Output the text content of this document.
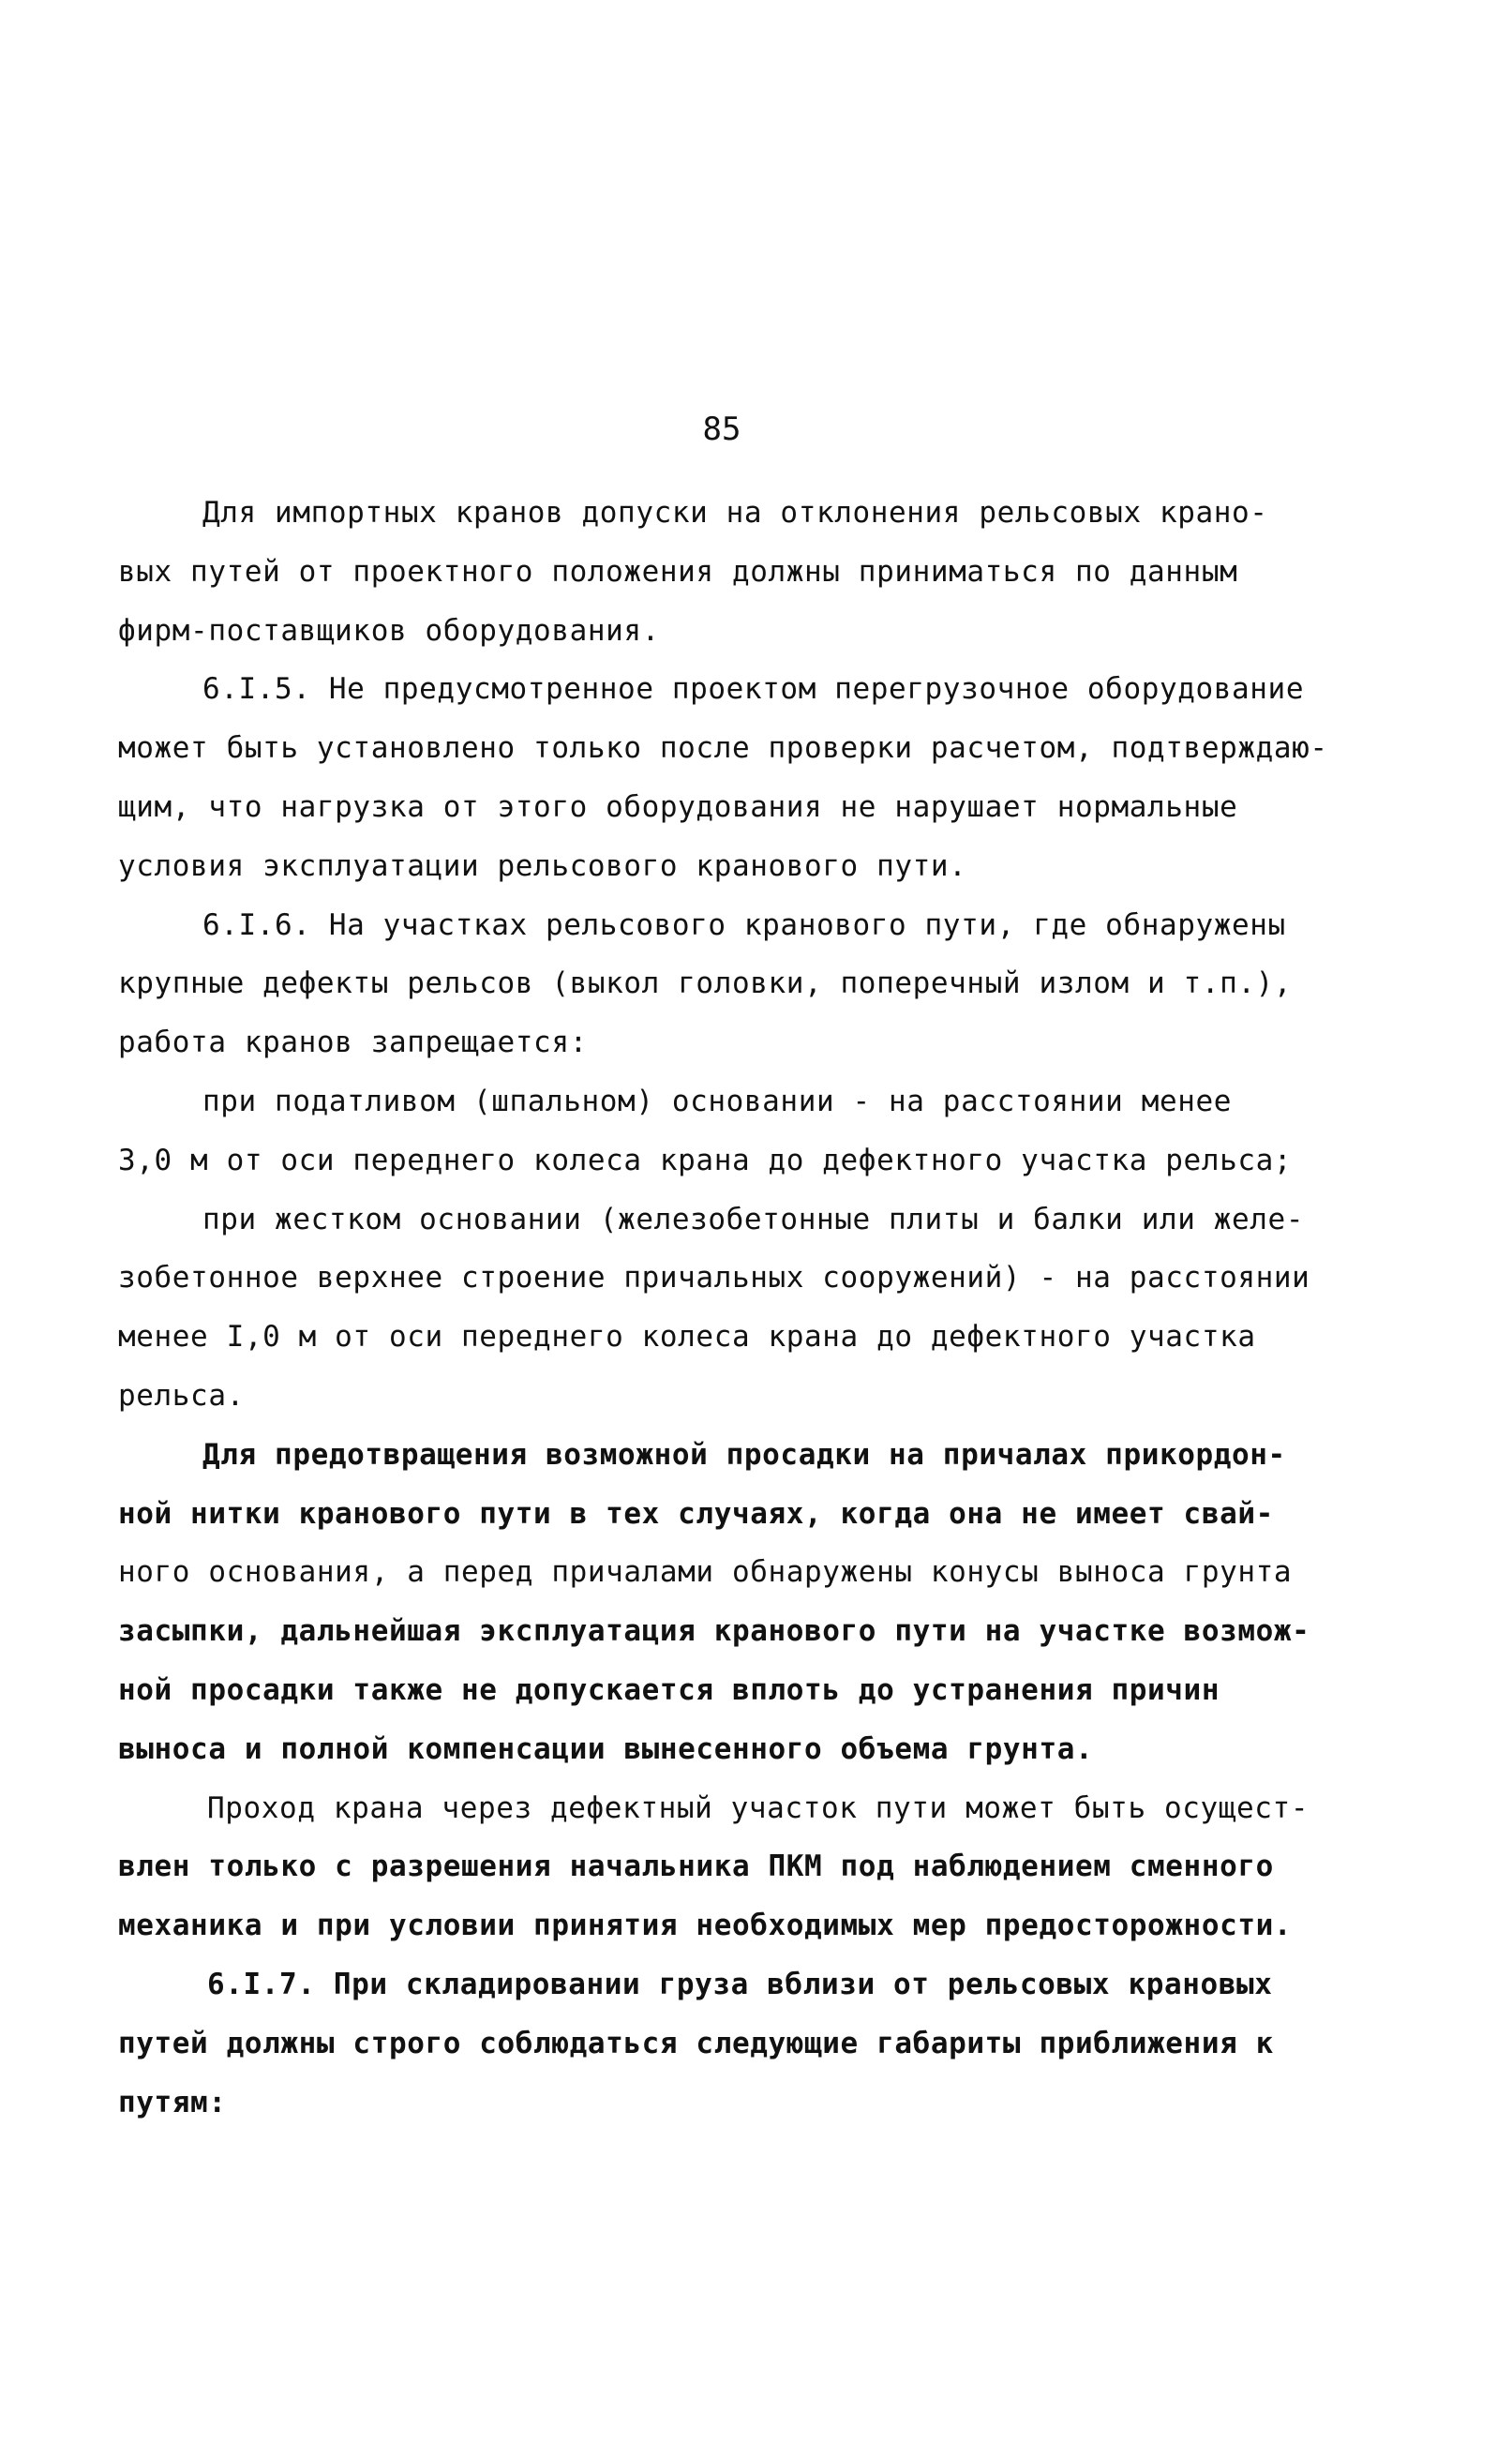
85
Для импортных кранов допуски на отклонения рельсовых крано-
вых путей от проектного положения должны приниматься по данным
фирм-поставщиков оборудования.
6.I.5. Не предусмотренное проектом перегрузочное оборудование
может быть установлено только после проверки расчетом, подтверждаю-
щим, что нагрузка от этого оборудования не нарушает нормальные
условия эксплуатации рельсового кранового пути.
6.I.6. На участках рельсового кранового пути, где обнаружены
крупные дефекты рельсов (выкол головки, поперечный излом и т.п.),
работа кранов запрещается:
при податливом (шпальном) основании - на расстоянии менее
3,0 м от оси переднего колеса крана до дефектного участка рельса;
при жестком основании (железобетонные плиты и балки или желе-
зобетонное верхнее строение причальных сооружений) - на расстоянии
менее I,0 м от оси переднего колеса крана до дефектного участка
рельса.
Для предотвращения возможной просадки на причалах прикордон-
ной нитки кранового пути в тех случаях, когда она не имеет свай-
ного основания, а перед причалами обнаружены конусы выноса грунта
засыпки, дальнейшая эксплуатация кранового пути на участке возмож-
ной просадки также не допускается вплоть до устранения причин
выноса и полной компенсации вынесенного объема грунта.
Проход крана через дефектный участок пути может быть осущест-
влен только с разрешения начальника ПКМ под наблюдением сменного
механика и при условии принятия необходимых мер предосторожности.
6.I.7. При складировании груза вблизи от рельсовых крановых
путей должны строго соблюдаться следующие габариты приближения к
путям:
